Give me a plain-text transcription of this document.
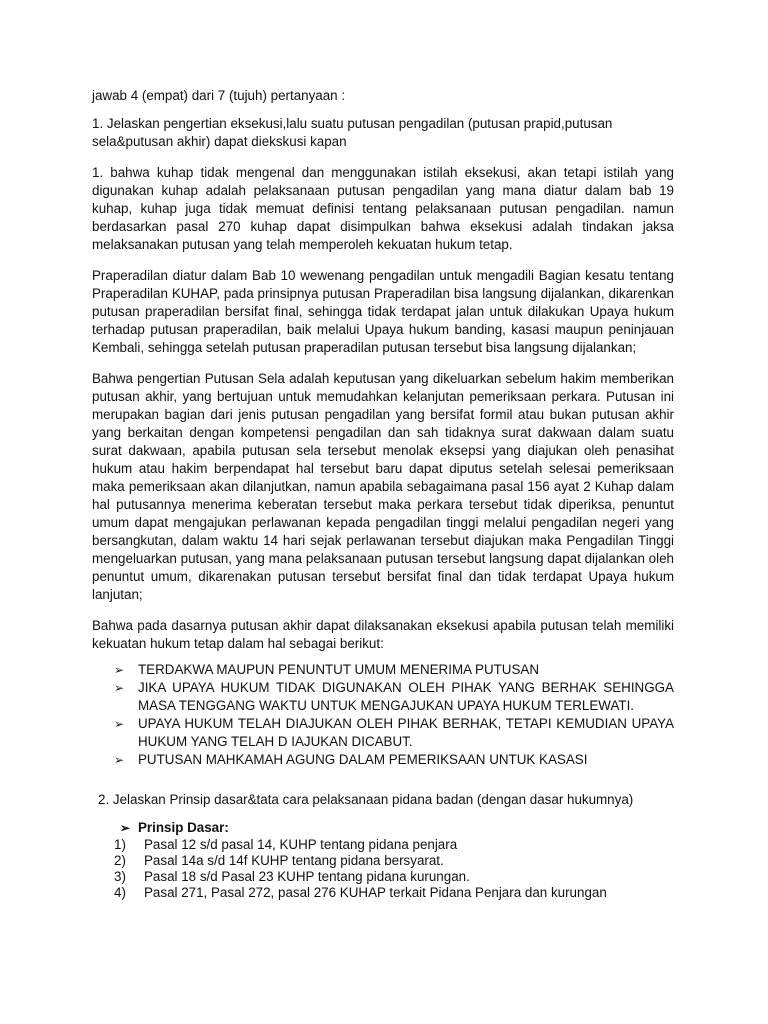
jawab 4 (empat) dari 7 (tujuh) pertanyaan :

1. Jelaskan pengertian eksekusi,lalu suatu putusan pengadilan (putusan prapid,putusan sela&putusan akhir) dapat diekskusi kapan

1. bahwa kuhap tidak mengenal dan menggunakan istilah eksekusi, akan tetapi istilah yang digunakan kuhap adalah pelaksanaan putusan pengadilan yang mana diatur dalam bab 19 kuhap, kuhap juga tidak memuat definisi tentang pelaksanaan putusan pengadilan. namun berdasarkan pasal 270 kuhap dapat disimpulkan bahwa eksekusi adalah tindakan jaksa melaksanakan putusan yang telah memperoleh kekuatan hukum tetap.

Praperadilan diatur dalam Bab 10 wewenang pengadilan untuk mengadili Bagian kesatu tentang Praperadilan KUHAP, pada prinsipnya putusan Praperadilan bisa langsung dijalankan, dikarenkan putusan praperadilan bersifat final, sehingga tidak terdapat jalan untuk dilakukan Upaya hukum terhadap putusan praperadilan, baik melalui Upaya hukum banding, kasasi maupun peninjauan Kembali, sehingga setelah putusan praperadilan putusan tersebut bisa langsung dijalankan;

Bahwa pengertian Putusan Sela adalah keputusan yang dikeluarkan sebelum hakim memberikan putusan akhir, yang bertujuan untuk memudahkan kelanjutan pemeriksaan perkara. Putusan ini merupakan bagian dari jenis putusan pengadilan yang bersifat formil atau bukan putusan akhir yang berkaitan dengan kompetensi pengadilan dan sah tidaknya surat dakwaan dalam suatu surat dakwaan, apabila putusan sela tersebut menolak eksepsi yang diajukan oleh penasihat hukum atau hakim berpendapat hal tersebut baru dapat diputus setelah selesai pemeriksaan maka pemeriksaan akan dilanjutkan, namun apabila sebagaimana pasal 156 ayat 2 Kuhap dalam hal putusannya menerima keberatan tersebut maka perkara tersebut tidak diperiksa, penuntut umum dapat mengajukan perlawanan kepada pengadilan tinggi melalui pengadilan negeri yang bersangkutan, dalam waktu 14 hari sejak perlawanan tersebut diajukan maka Pengadilan Tinggi mengeluarkan putusan, yang mana pelaksanaan putusan tersebut langsung dapat dijalankan oleh penuntut umum, dikarenakan putusan tersebut bersifat final dan tidak terdapat Upaya hukum lanjutan;

Bahwa pada dasarnya putusan akhir dapat dilaksanakan eksekusi apabila putusan telah memiliki kekuatan hukum tetap dalam hal sebagai berikut:

➢ TERDAKWA MAUPUN PENUNTUT UMUM MENERIMA PUTUSAN
➢ JIKA UPAYA HUKUM TIDAK DIGUNAKAN OLEH PIHAK YANG BERHAK SEHINGGA MASA TENGGANG WAKTU UNTUK MENGAJUKAN UPAYA HUKUM TERLEWATI.
➢ UPAYA HUKUM TELAH DIAJUKAN OLEH PIHAK BERHAK, TETAPI KEMUDIAN UPAYA HUKUM YANG TELAH D IAJUKAN DICABUT.
➢ PUTUSAN MAHKAMAH AGUNG DALAM PEMERIKSAAN UNTUK KASASI

2. Jelaskan Prinsip dasar&tata cara pelaksanaan pidana badan (dengan dasar hukumnya)

➢ Prinsip Dasar:

1) Pasal 12 s/d pasal 14, KUHP tentang pidana penjara
2) Pasal 14a s/d 14f KUHP tentang pidana bersyarat.
3) Pasal 18 s/d Pasal 23 KUHP tentang pidana kurungan.
4) Pasal 271, Pasal 272, pasal 276 KUHAP terkait Pidana Penjara dan kurungan
